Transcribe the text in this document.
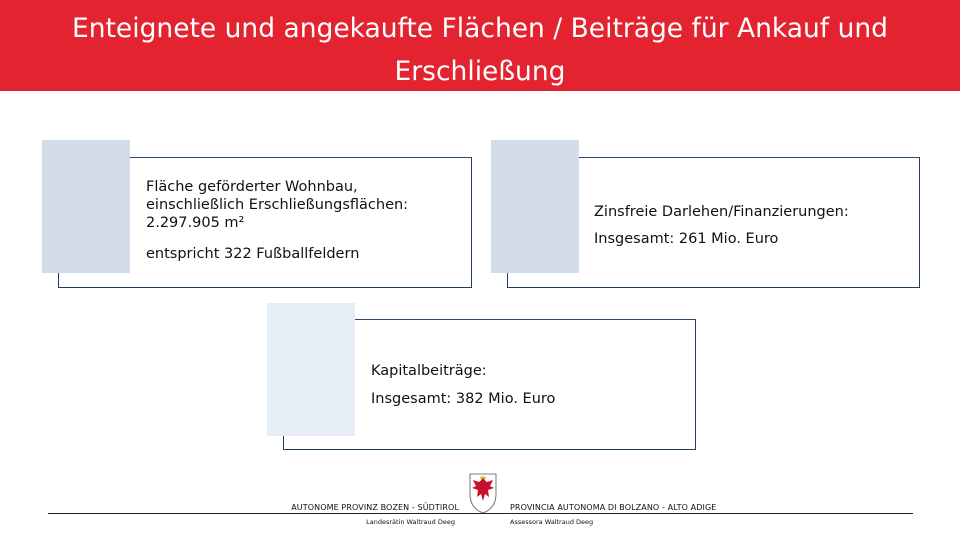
Enteignete und angekaufte Flächen / Beiträge für Ankauf und Erschließung

Fläche geförderter Wohnbau,

einschließlich Erschließungsflächen:

2.297.905 m²

entspricht 322 Fußballfeldern

Zinsfreie Darlehen/Finanzierungen:

Insgesamt: 261 Mio. Euro

Kapitalbeiträge:

Insgesamt: 382 Mio. Euro

AUTONOME PROVINZ BOZEN - SÜDTIROL
Landesrätin Waltraud Deeg
PROVINCIA AUTONOMA DI BOLZANO - ALTO ADIGE
Assessora Waltraud Deeg
